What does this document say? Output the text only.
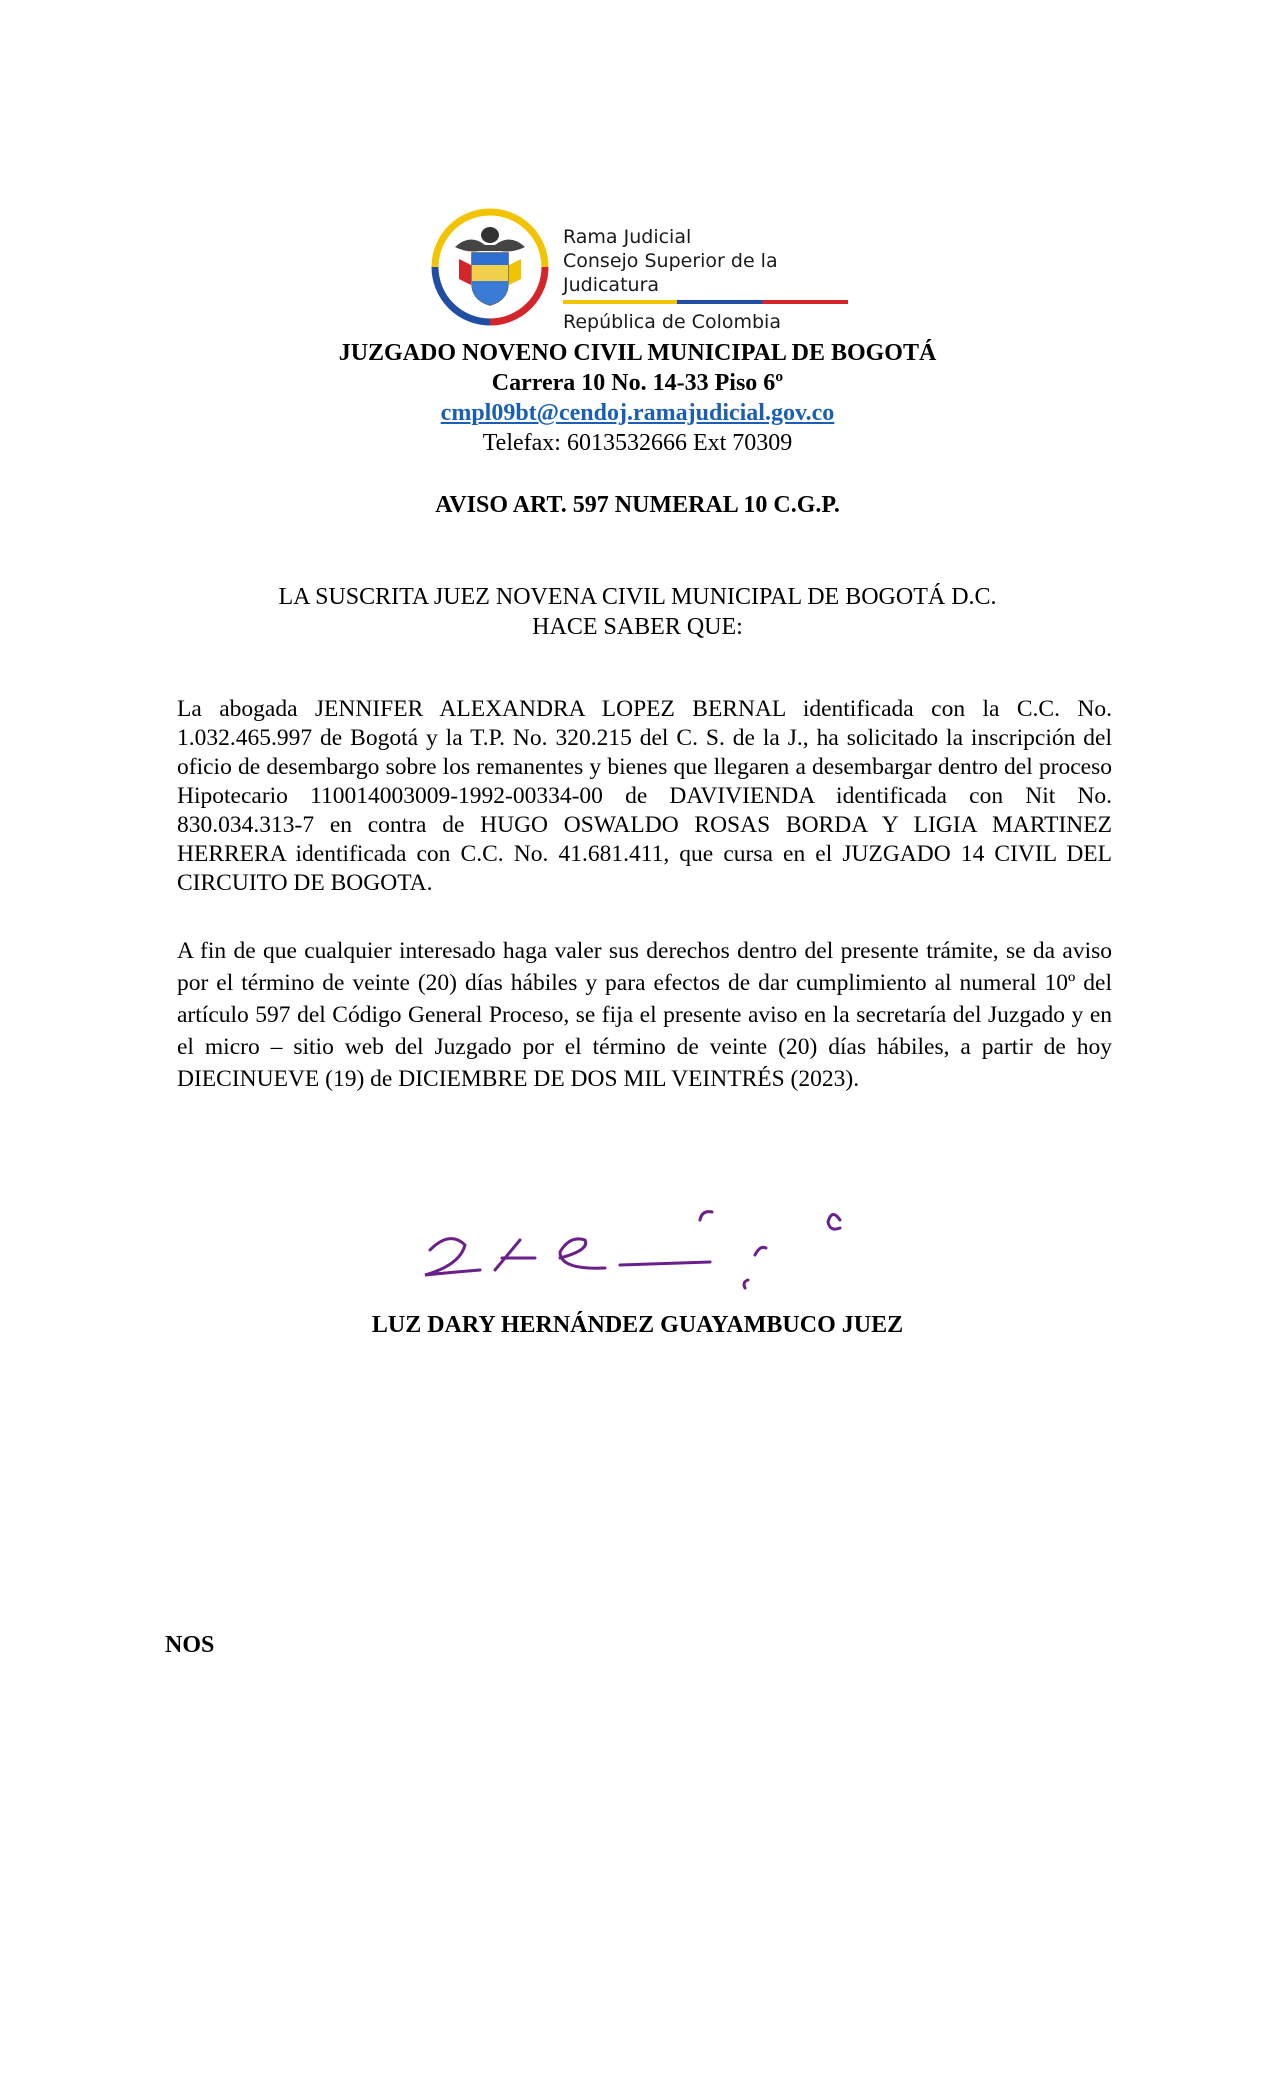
Rama Judicial
Consejo Superior de la Judicatura
República de Colombia
JUZGADO NOVENO CIVIL MUNICIPAL DE BOGOTÁ
Carrera 10 No. 14-33 Piso 6º
cmpl09bt@cendoj.ramajudicial.gov.co
Telefax: 6013532666 Ext 70309
AVISO ART. 597 NUMERAL 10 C.G.P.
LA SUSCRITA JUEZ NOVENA CIVIL MUNICIPAL DE BOGOTÁ D.C.
HACE SABER QUE:
La abogada JENNIFER ALEXANDRA LOPEZ BERNAL identificada con la C.C. No. 1.032.465.997 de Bogotá y la T.P. No. 320.215 del C. S. de la J., ha solicitado la inscripción del oficio de desembargo sobre los remanentes y bienes que llegaren a desembargar dentro del proceso Hipotecario 110014003009-1992-00334-00 de DAVIVIENDA identificada con Nit No. 830.034.313-7 en contra de HUGO OSWALDO ROSAS BORDA Y LIGIA MARTINEZ HERRERA identificada con C.C. No. 41.681.411, que cursa en el JUZGADO 14 CIVIL DEL CIRCUITO DE BOGOTA.
A fin de que cualquier interesado haga valer sus derechos dentro del presente trámite, se da aviso por el término de veinte (20) días hábiles y para efectos de dar cumplimiento al numeral 10º del artículo 597 del Código General Proceso, se fija el presente aviso en la secretaría del Juzgado y en el micro – sitio web del Juzgado por el término de veinte (20) días hábiles, a partir de hoy DIECINUEVE (19) de DICIEMBRE DE DOS MIL VEINTRÉS (2023).
LUZ DARY HERNÁNDEZ GUAYAMBUCO JUEZ
NOS
